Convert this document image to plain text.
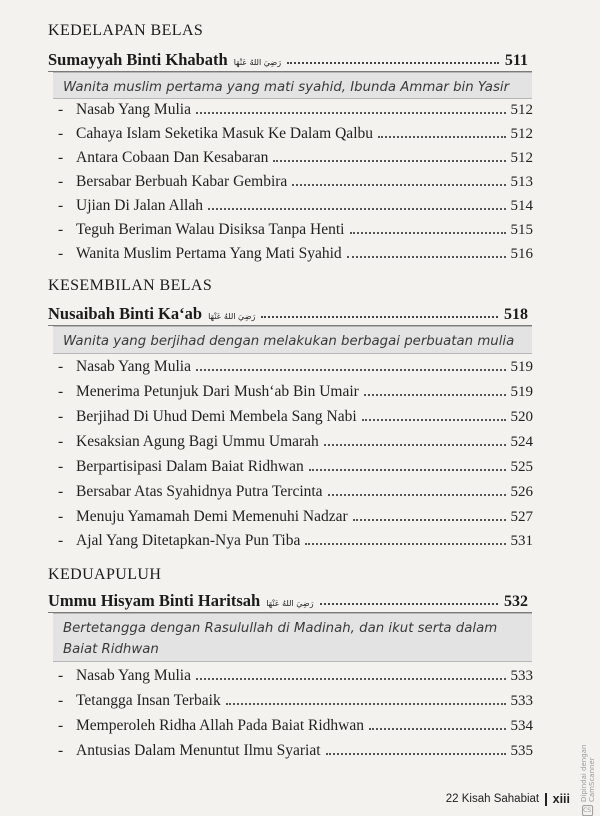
KEDELAPAN BELAS
Sumayyah Binti Khabath رَضِيَ اللهُ عَنْهَا	511
Wanita muslim pertama yang mati syahid, Ibunda Ammar bin Yasir
- Nasab Yang Mulia	512
- Cahaya Islam Seketika Masuk Ke Dalam Qalbu	512
- Antara Cobaan Dan Kesabaran	512
- Bersabar Berbuah Kabar Gembira	513
- Ujian Di Jalan Allah	514
- Teguh Beriman Walau Disiksa Tanpa Henti	515
- Wanita Muslim Pertama Yang Mati Syahid	516
KESEMBILAN BELAS
Nusaibah Binti Ka‘ab رَضِيَ اللهُ عَنْهَا	518
Wanita yang berjihad dengan melakukan berbagai perbuatan mulia
- Nasab Yang Mulia	519
- Menerima Petunjuk Dari Mush‘ab Bin Umair	519
- Berjihad Di Uhud Demi Membela Sang Nabi	520
- Kesaksian Agung Bagi Ummu Umarah	524
- Berpartisipasi Dalam Baiat Ridhwan	525
- Bersabar Atas Syahidnya Putra Tercinta	526
- Menuju Yamamah Demi Memenuhi Nadzar	527
- Ajal Yang Ditetapkan-Nya Pun Tiba	531
KEDUAPULUH
Ummu Hisyam Binti Haritsah رَضِيَ اللهُ عَنْهَا	532
Bertetangga dengan Rasulullah di Madinah, dan ikut serta dalam Baiat Ridhwan
- Nasab Yang Mulia	533
- Tetangga Insan Terbaik	533
- Memperoleh Ridha Allah Pada Baiat Ridhwan	534
- Antusias Dalam Menuntut Ilmu Syariat	535
22 Kisah Sahabiat xiii
CS
Dipindai dengan CamScanner
